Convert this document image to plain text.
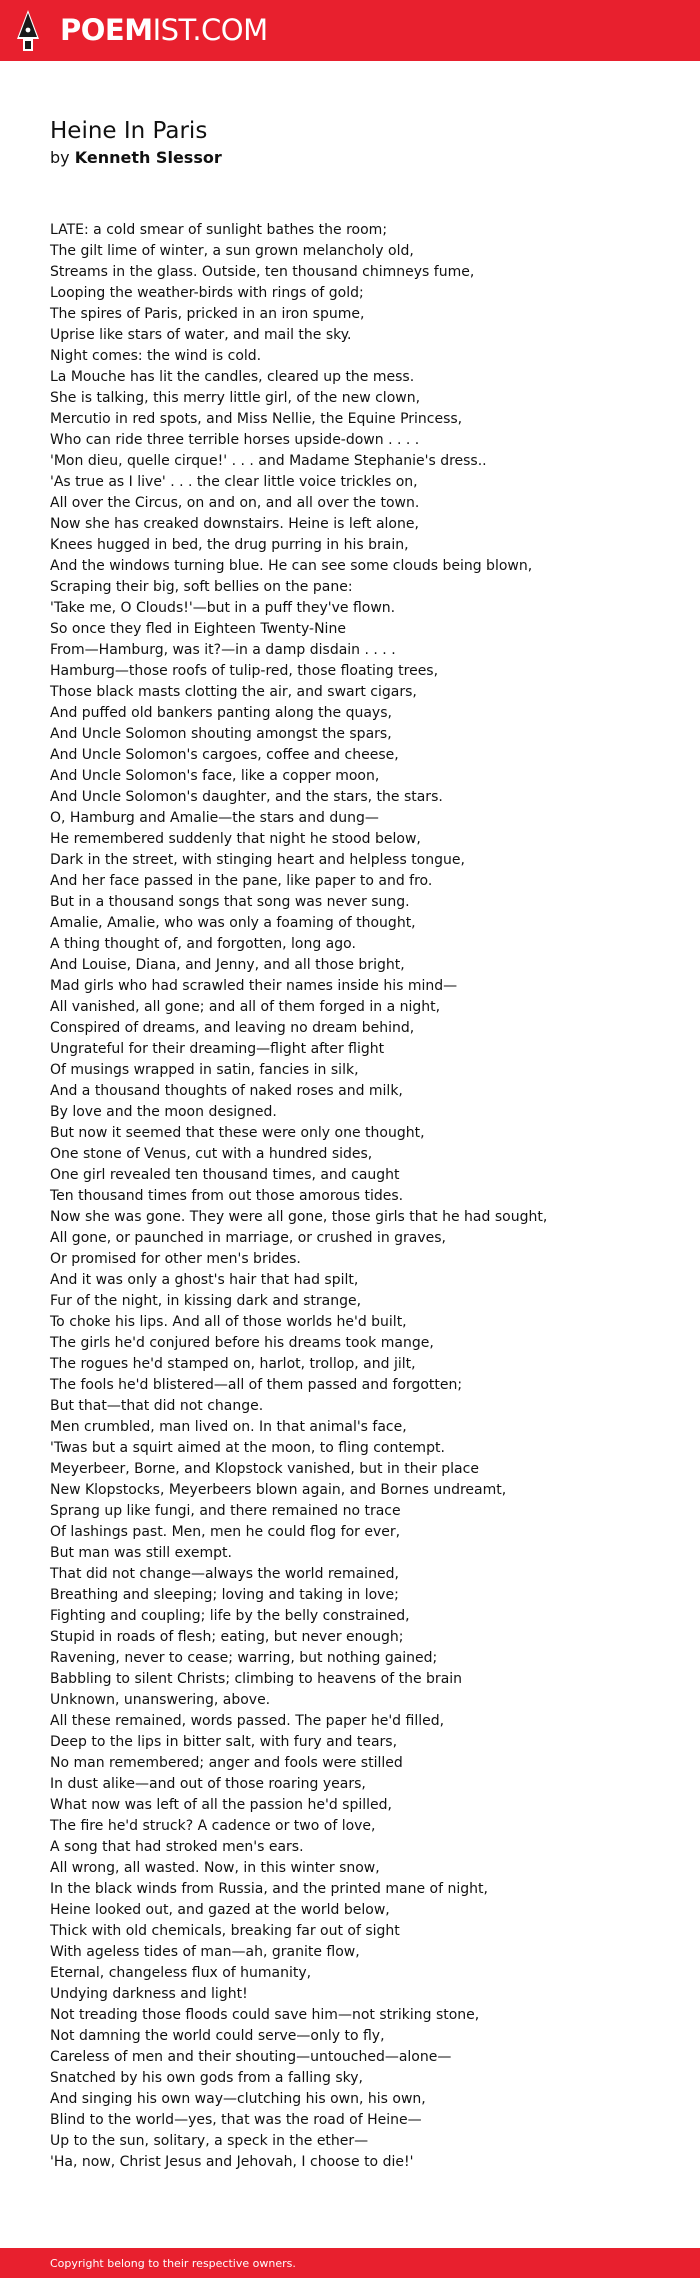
POEMIST.COM
Heine In Paris
by Kenneth Slessor
LATE: a cold smear of sunlight bathes the room;
The gilt lime of winter, a sun grown melancholy old,
Streams in the glass. Outside, ten thousand chimneys fume,
Looping the weather-birds with rings of gold;
The spires of Paris, pricked in an iron spume,
Uprise like stars of water, and mail the sky.
Night comes: the wind is cold.
La Mouche has lit the candles, cleared up the mess.
She is talking, this merry little girl, of the new clown,
Mercutio in red spots, and Miss Nellie, the Equine Princess,
Who can ride three terrible horses upside-down . . . .
'Mon dieu, quelle cirque!' . . . and Madame Stephanie's dress..
'As true as I live' . . . the clear little voice trickles on,
All over the Circus, on and on, and all over the town.
Now she has creaked downstairs. Heine is left alone,
Knees hugged in bed, the drug purring in his brain,
And the windows turning blue. He can see some clouds being blown,
Scraping their big, soft bellies on the pane:
'Take me, O Clouds!'—but in a puff they've flown.
So once they fled in Eighteen Twenty-Nine
From—Hamburg, was it?—in a damp disdain . . . .
Hamburg—those roofs of tulip-red, those floating trees,
Those black masts clotting the air, and swart cigars,
And puffed old bankers panting along the quays,
And Uncle Solomon shouting amongst the spars,
And Uncle Solomon's cargoes, coffee and cheese,
And Uncle Solomon's face, like a copper moon,
And Uncle Solomon's daughter, and the stars, the stars.
O, Hamburg and Amalie—the stars and dung—
He remembered suddenly that night he stood below,
Dark in the street, with stinging heart and helpless tongue,
And her face passed in the pane, like paper to and fro.
But in a thousand songs that song was never sung.
Amalie, Amalie, who was only a foaming of thought,
A thing thought of, and forgotten, long ago.
And Louise, Diana, and Jenny, and all those bright,
Mad girls who had scrawled their names inside his mind—
All vanished, all gone; and all of them forged in a night,
Conspired of dreams, and leaving no dream behind,
Ungrateful for their dreaming—flight after flight
Of musings wrapped in satin, fancies in silk,
And a thousand thoughts of naked roses and milk,
By love and the moon designed.
But now it seemed that these were only one thought,
One stone of Venus, cut with a hundred sides,
One girl revealed ten thousand times, and caught
Ten thousand times from out those amorous tides.
Now she was gone. They were all gone, those girls that he had sought,
All gone, or paunched in marriage, or crushed in graves,
Or promised for other men's brides.
And it was only a ghost's hair that had spilt,
Fur of the night, in kissing dark and strange,
To choke his lips. And all of those worlds he'd built,
The girls he'd conjured before his dreams took mange,
The rogues he'd stamped on, harlot, trollop, and jilt,
The fools he'd blistered—all of them passed and forgotten;
But that—that did not change.
Men crumbled, man lived on. In that animal's face,
'Twas but a squirt aimed at the moon, to fling contempt.
Meyerbeer, Borne, and Klopstock vanished, but in their place
New Klopstocks, Meyerbeers blown again, and Bornes undreamt,
Sprang up like fungi, and there remained no trace
Of lashings past. Men, men he could flog for ever,
But man was still exempt.
That did not change—always the world remained,
Breathing and sleeping; loving and taking in love;
Fighting and coupling; life by the belly constrained,
Stupid in roads of flesh; eating, but never enough;
Ravening, never to cease; warring, but nothing gained;
Babbling to silent Christs; climbing to heavens of the brain
Unknown, unanswering, above.
All these remained, words passed. The paper he'd filled,
Deep to the lips in bitter salt, with fury and tears,
No man remembered; anger and fools were stilled
In dust alike—and out of those roaring years,
What now was left of all the passion he'd spilled,
The fire he'd struck? A cadence or two of love,
A song that had stroked men's ears.
All wrong, all wasted. Now, in this winter snow,
In the black winds from Russia, and the printed mane of night,
Heine looked out, and gazed at the world below,
Thick with old chemicals, breaking far out of sight
With ageless tides of man—ah, granite flow,
Eternal, changeless flux of humanity,
Undying darkness and light!
Not treading those floods could save him—not striking stone,
Not damning the world could serve—only to fly,
Careless of men and their shouting—untouched—alone—
Snatched by his own gods from a falling sky,
And singing his own way—clutching his own, his own,
Blind to the world—yes, that was the road of Heine—
Up to the sun, solitary, a speck in the ether—
'Ha, now, Christ Jesus and Jehovah, I choose to die!'
Copyright belong to their respective owners.
